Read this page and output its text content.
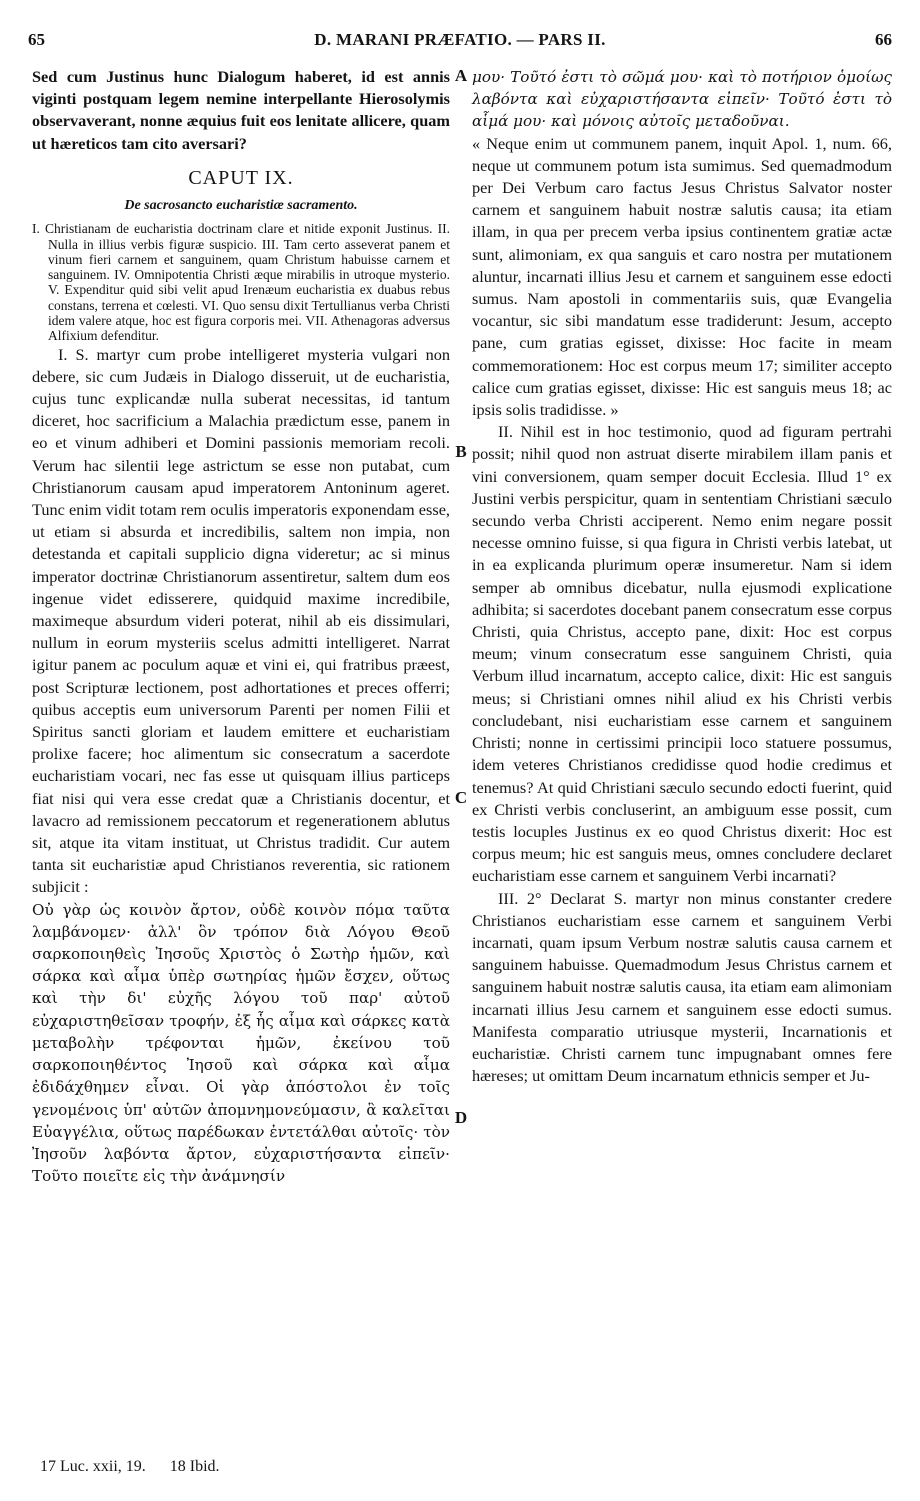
65	D. MARANI PRÆFATIO. — PARS II.	66

Sed cum Justinus hunc Dialogum haberet, id est annis viginti postquam legem nemine interpellante Hierosolymis observaverant, nonne æquius fuit eos lenitate allicere, quam ut hæreticos tam cito aversari?

CAPUT IX.
De sacrosancto eucharistiæ sacramento.

I. Christianam de eucharistia doctrinam clare et nitide exponit Justinus. II. Nulla in illius verbis figuræ suspicio. III. Tam certo asseverat panem et vinum fieri carnem et sanguinem, quam Christum habuisse carnem et sanguinem. IV. Omnipotentia Christi æque mirabilis in utroque mysterio. V. Expenditur quid sibi velit apud Irenæum eucharistia ex duabus rebus constans, terrena et cœlesti. VI. Quo sensu dixit Tertullianus verba Christi idem valere atque, hoc est figura corporis mei. VII. Athenagoras adversus Alfixium defenditur.

I. S. martyr cum probe intelligeret mysteria vulgari non debere, sic cum Judæis in Dialogo disseruit, ut de eucharistia, cujus tunc explicandæ nulla suberat necessitas, id tantum diceret, hoc sacrificium a Malachia prædictum esse, panem in eo et vinum adhiberi et Domini passionis memoriam recoli. Verum hac silentii lege astrictum se esse non putabat, cum Christianorum causam apud imperatorem Antoninum ageret. Tunc enim vidit totam rem oculis imperatoris exponendam esse, ut etiam si absurda et incredibilis, saltem non impia, non detestanda et capitali supplicio digna videretur; ac si minus imperator doctrinæ Christianorum assentiretur, saltem dum eos ingenue videt edisserere, quidquid maxime incredibile, maximeque absurdum videri poterat, nihil ab eis dissimulari, nullum in eorum mysteriis scelus admitti intelligeret. Narrat igitur panem ac poculum aquæ et vini ei, qui fratribus præest, post Scripturæ lectionem, post adhortationes et preces offerri; quibus acceptis eum universorum Parenti per nomen Filii et Spiritus sancti gloriam et laudem emittere et eucharistiam prolixe facere; hoc alimentum sic consecratum a sacerdote eucharistiam vocari, nec fas esse ut quisquam illius particeps fiat nisi qui vera esse credat quæ a Christianis docentur, et lavacro ad remissionem peccatorum et regenerationem ablutus sit, atque ita vitam instituat, ut Christus tradidit. Cur autem tanta sit eucharistiæ apud Christianos reverentia, sic rationem subjicit :

Οὐ γὰρ ὡς κοινὸν ἄρτον, οὐδὲ κοινὸν πόμα ταῦτα λαμβάνομεν· ἀλλ' ὃν τρόπον διὰ Λόγου Θεοῦ σαρκοποιηθεὶς Ἰησοῦς Χριστὸς ὁ Σωτὴρ ἡμῶν, καὶ σάρκα καὶ αἷμα ὑπὲρ σωτηρίας ἡμῶν ἔσχεν, οὕτως καὶ τὴν δι' εὐχῆς λόγου τοῦ παρ' αὐτοῦ εὐχαριστηθεῖσαν τροφήν, ἐξ ἧς αἷμα καὶ σάρκες κατὰ μεταβολὴν τρέφονται ἡμῶν, ἐκείνου τοῦ σαρκοποιηθέντος Ἰησοῦ καὶ σάρκα καὶ αἷμα ἐδιδάχθημεν εἶναι. Οἱ γὰρ ἀπόστολοι ἐν τοῖς γενομένοις ὑπ' αὐτῶν ἀπομνημονεύμασιν, ἃ καλεῖται Εὐαγγέλια, οὕτως παρέδωκαν ἐντετάλθαι αὐτοῖς· τὸν Ἰησοῦν λαβόντα ἄρτον, εὐχαριστήσαντα εἰπεῖν· Τοῦτο ποιεῖτε εἰς τὴν ἀνάμνησίν

μου· Τοῦτό ἐστι τὸ σῶμά μου· καὶ τὸ ποτήριον ὁμοίως λαβόντα καὶ εὐχαριστήσαντα εἰπεῖν· Τοῦτό ἐστι τὸ αἷμά μου· καὶ μόνοις αὐτοῖς μεταδοῦναι.

« Neque enim ut communem panem, inquit Apol. 1, num. 66, neque ut communem potum ista sumimus. Sed quemadmodum per Dei Verbum caro factus Jesus Christus Salvator noster carnem et sanguinem habuit nostræ salutis causa; ita etiam illam, in qua per precem verba ipsius continentem gratiæ actæ sunt, alimoniam, ex qua sanguis et caro nostra per mutationem aluntur, incarnati illius Jesu et carnem et sanguinem esse edocti sumus. Nam apostoli in commentariis suis, quæ Evangelia vocantur, sic sibi mandatum esse tradiderunt: Jesum, accepto pane, cum gratias egisset, dixisse: Hoc facite in meam commemorationem: Hoc est corpus meum 17; similiter accepto calice cum gratias egisset, dixisse: Hic est sanguis meus 18; ac ipsis solis tradidisse. »

II. Nihil est in hoc testimonio, quod ad figuram pertrahi possit; nihil quod non astruat diserte mirabilem illam panis et vini conversionem, quam semper docuit Ecclesia. Illud 1° ex Justini verbis perspicitur, quam in sententiam Christiani sæculo secundo verba Christi acciperent. Nemo enim negare possit necesse omnino fuisse, si qua figura in Christi verbis latebat, ut in ea explicanda plurimum operæ insumeretur. Nam si idem semper ab omnibus dicebatur, nulla ejusmodi explicatione adhibita; si sacerdotes docebant panem consecratum esse corpus Christi, quia Christus, accepto pane, dixit: Hoc est corpus meum; vinum consecratum esse sanguinem Christi, quia Verbum illud incarnatum, accepto calice, dixit: Hic est sanguis meus; si Christiani omnes nihil aliud ex his Christi verbis concludebant, nisi eucharistiam esse carnem et sanguinem Christi; nonne in certissimi principii loco statuere possumus, idem veteres Christianos credidisse quod hodie credimus et tenemus? At quid Christiani sæculo secundo edocti fuerint, quid ex Christi verbis concluserint, an ambiguum esse possit, cum testis locuples Justinus ex eo quod Christus dixerit: Hoc est corpus meum; hic est sanguis meus, omnes concludere declaret eucharistiam esse carnem et sanguinem Verbi incarnati?

III. 2° Declarat S. martyr non minus constanter credere Christianos eucharistiam esse carnem et sanguinem Verbi incarnati, quam ipsum Verbum nostræ salutis causa carnem et sanguinem habuisse. Quemadmodum Jesus Christus carnem et sanguinem habuit nostræ salutis causa, ita etiam eam alimoniam incarnati illius Jesu carnem et sanguinem esse edocti sumus. Manifesta comparatio utriusque mysterii, Incarnationis et eucharistiæ. Christi carnem tunc impugnabant omnes fere hæreses; ut omittam Deum incarnatum ethnicis semper et Ju-

A
B
C
D
17 Luc. xxii, 19. 18 Ibid.
